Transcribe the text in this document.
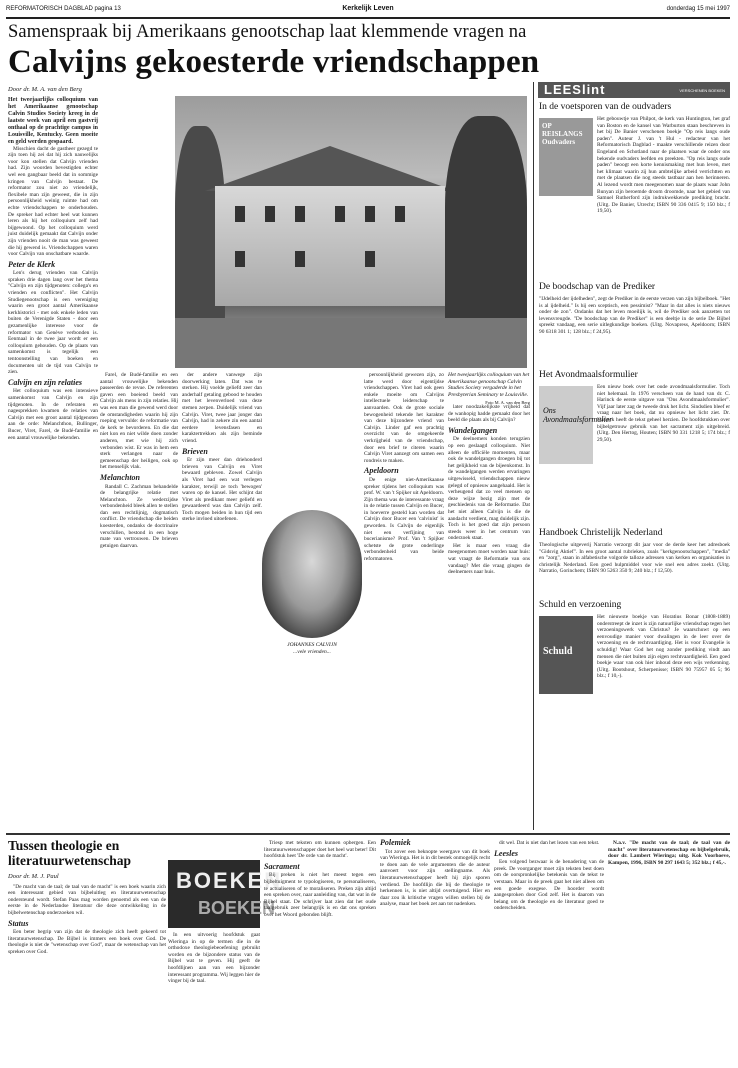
REFORMATORISCH DAGBLAD pagina 13	Kerkelijk Leven	donderdag 15 mei 1997
Samenspraak bij Amerikaans genootschap laat klemmende vragen na
Calvijns gekoesterde vriendschappen
Door dr. M. A. van den Berg
Het tweejaarlijks colloquium van het Amerikaanse genootschap Calvin Studies Society kreeg in de laatste week van april een gastvrij onthaal op de prachtige campus in Louisville, Kentucky. Geen moeite en geld werden gespaard.

Misschien dacht de gastheer gezegd te zijn toen hij zei dat hij zich nauwelijks voor kon stellen dat Calvijn vrienden had. Zijn woorden bevestigden echter wel een gangbaar beeld dat in sommige kringen van Calvijn bestaat. De reformator zou niet zo vriendelijk, flexibele man zijn geweest, die in zijn persoonlijkheid weinig ruimte had om echte vriendschappen te onderhouden. De spreker had echter heel wat kunnen leren als hij het colloquium zelf had bijgewoond. Op het colloquium werd juist duidelijk gemaakt dat Calvijn onder zijn vrienden nooit de man was geweest die hij gewend is. Vriendschappen waren voor Calvijn van onschatbare waarde.

Peter de Klerk

Len's derug vrienden van Calvijn spraken drie dagen lang over het thema "Calvijn en zijn tijdgenoten: collega's en vrienden en conflicten". Het Calvijn Studiegenootschap is een vereniging waarin een groot aantal Amerikaanse kerkhistorici - met ook enkele leden van buiten de Verenigde Staten - door een gezamenlijke interesse voor de reformator van Genève verbonden is. Eenmaal in de twee jaar wordt er een colloquium gehouden. Op de plaats van samenkomst is tegelijk een tentoonstelling van boeken en documenten uit de tijd van Calvijn te zien.

Calvijn en zijn relaties

Het colloquium was een intensieve samenkomst van Calvijn en zijn tijdgenoten. In de referaten en nagesprekken kwamen de relaties van Calvijn met een groot aantal tijdgenoten aan de orde: Melanchthon, Bullinger, Bucer, Viret, Farel, de Budé-familie en een aantal vrouwelijke bekenden.

Farel, de Budé-familie en een aantal vrouwelijke bekenden passeerden de revue. De referenten gaven een boeiend beeld van Calvijn als mens in zijn relaties. Hij was een man die gewend werd door de omstandigheden waarin hij zijn roeping vervulde: de reformatie van de kerk te bevorderen. En die dat niet kon en niet wilde doen zonder anderen, met wie hij zich verbonden wist. Er was in hem een sterk verlangen naar de gemeenschap der heiligen, ook op het menselijk vlak.

Melanchton

Randall C. Zachman behandelde de belangrijke relatie met Melanchton. Ze wederzijdse verbondenheid bleek allen te stellen dan een rechtlijnig, dogmatisch conflict. De vriendschap die beiden koesterden, ondanks de doctrinaire verschillen, bestond in een hoge mate van vertrouwen. De brieven getuigen daarvan.

der andere vanwege zijn doorwerking laten. Dat was te sterken. Hij voelde geliefd zeer dan anderhalf getaling gebood te houden met het levenverloed van deze stemen zerpen. Duidelijk vriend van Calvijn. Viret, twee jaar jonger dan Calvijn, had in zekere zin een aantal eerdere levensfasen en karaktertrekken als zijn beminde vriend.

Brieven

Er zijn meer dan driehonderd brieven van Calvijn en Viret bewaard gebleven. Zowel Calvijn als Viret had een wat verlegen karakter, terwijl ze toch 'bewogen' waren op de kansel. Het schijnt dat Viret als predikant meer geliefd en gewaardeerd was dan Calvijn zelf. Toch mogen beiden in hun tijd een sterke invloed uitoefenen.

JOHANNES CALVIJN
...vele vrienden...

persoonlijkheid gewezen zijn, zo latte werd door eigentijdse vriendschappen. Viret had ook geen enkele moeite om Calvijns intellectuele leiderschap te aanvaarden. Ook de grote sociale bewogenheid tekende het karakter van deze bijzondere vriend van Calvijn. Linder gaf een prachtig overzicht van de omgekeerde verkrijgheid van de vriendschap, door een brief te citeren waarin Calvijn Viret aanzegt om samen een rondreis te maken.

Apeldoorn

De enige niet-Amerikaanse spreker tijdens het colloquium was prof. W. van 't Spijker uit Apeldoorn. Zijn thema was de interessante vraag in de relatie tussen Calvijn en Bucer, in hoeverre gesteld kan worden dat Calvijn door Bucer een 'calvinist' is geworden. Is Calvijn de eigenlijk niet een verfijning van bucerianisme? Prof. Van 't Spijker schetste de grote onderlinge verbondenheid van beide reformatoren.

Het tweejaarlijks colloquium van het Amerikaanse genootschap Calvin Studies Society vergaderde in het Presbyterian Seminary te Louisville.
Foto M. A. van den Berg

later noodzakelijkste vrijheid dat de wanhopig hadde gemaakt door het beeld die plaats als bij Calvijn?

Wandelgangen

De deelnemers konden terugzien op een geslaagd colloquium. Niet alleen de officiële momenten, maar ook de wandelgangen droegen bij tot het gelijkheid van de bijeenkomst. In de wandelgangen werden ervaringen uitgewisseld, vriendschappen nieuw gelegd of opnieuw aangehaald. Het is verheugend dat zo veel mensen op deze wijze bezig zijn met de geschiedenis van de Reformatie. Dat het niet alleen Calvijn is die de aandacht verdient, mag duidelijk zijn. Toch is het goed dat zijn persoon steeds weer in het centrum van onderzoek staat.

Het is maar een vraag die meegenomen moet worden naar huis: wat vraagt de Reformatie van ons vandaag? Met die vraag gingen de deelnemers naar huis.

LEESlint	VERSCHENEN BOEKEN
In de voetsporen van de oudvaders
OP REISLANGS Oudvaders
Het gebouwtje van Philpot, de kerk van Huntington, het graf van Boston en de kansel van Warburton staan beschreven in het bij De Banier verschenen boekje "Op reis langs oude paden". Auteur J. van 't Hul - redacteur van het Reformatorisch Dagblad - maakte verschillende reizen door Engeland en Schotland naar de plaatsen waar de onder ons bekende oudvaders leefden en preekten. "Op reis langs oude paden" beoogt een korte kennismaking met hun leven, met het klimaat waarin zij hun ambtelijke arbeid verrichtten en met de plaatsen die nog steeds tastbaar aan hen herinneren. Al lezend wordt men meegenomen naar de plaats waar John Bunyan zijn beroemde droom droomde, naar het gebied van Samuel Rutherford zijn indrukwekkende prediking bracht. (Uitg. De Banier, Utrecht; ISBN 90 336 0415 9; 150 blz.; f 19,50).
De boodschap van de Prediker
"IJdelheid der ijdelheden", zegt de Prediker in de eerste verzen van zijn bijbelboek. "Het is al ijdelheid." Is hij een sceptisch, een pessimist? "Maar in dat alles is niets nieuws onder de zon". Ondanks dat het leven moeilijk is, wil de Prediker ook aanzetten tot levensvreugde. "De boodschap van de Prediker" is een deeltje in de serie De Bijbel spreekt vandaag, een serie uitlegkundige boeken. (Uitg. Novapress, Apeldoorn; ISBN 90 6318 301 1; 128 blz.; f 24,95).
Het Avondmaalsformulier
Ons Avondmaalsformulier
Een nieuw boek over het oude avondmaalsformulier. Toch niet helemaal. In 1976 verscheen van de hand van dr. C. Harinck de eerste uitgave van "Ons Avondmaalsformulier". Vijf jaar later zag de tweede druk het licht. Sindsdien bleef er vraag naar het boek, dat nu opnieuw het licht ziet. Dr. Harinck heeft de tekst geheel herzien. De hoofdstukken over bijbelgetrouw gebruik van het sacrament zijn uitgebreid. (Uitg. Den Hertog, Houten; ISBN 90 331 1218 5; 174 blz.; f 29,50).
Handboek Christelijk Nederland
Theologische uitgeverij Narratio verzorgt dit jaar voor de derde keer het adresboek "Gidsvig Aktief". In een groot aantal rubrieken, zoals "kerkgenootschappen", "media" en "zorg", staan in alfabetische volgorde talloze adressen van kerken en organisaties in christelijk Nederland. Een goed hulpmiddel voor wie snel een adres zoekt. (Uitg. Narratio, Gorinchem; ISBN 90 5263 350 9; 240 blz.; f 12,50).
Schuld en verzoening
Schuld
Het nieuwste boekje van Horatius Bonar (1808-1889) onderstreept de inzet is zijn natuurlijke vriendschap tegen het verzoeningswerk van Christus? Je waarschuwt op een eenvoudige manier voor dwalingen in de leer over de verzoening en de rechtvaardiging. Het is voor Evangelie is schuldig! Waar God het nog zonder prediking vindt aan mensen die niet buiten zijn eigen rechtvaardigheid. Een goed boekje waar van ook hier inhoud deze een wijs verkenning. (Uitg. Bootshout, Scherpenisse; ISBN 90 75957 05 5; 96 blz.; f 10,-).
Tussen theologie en literatuurwetenschap
Door dr. M. J. Paul

"De macht van de taal; de taal van de macht" is een boek waarin zich een interessant gebied van bijbeluitleg en literatuurwetenschap ondersteund wordt. Stefan Paas mag worden genoemd als een van de eerste in de Nederlandse literatuur die deze ontwikkeling in de bijbelwetenschap onderzoeken wil.

Status

Een beter begrip van zijn dat de theologie zich heeft gekeerd tot literatuurwetenschap. De Bijbel is immers een boek over God. De theologie is niet de "wetenschap over God", maar de wetenschap van het spreken over God.

BOEKEN
BOEKEN

In een uitvoerig hoofdstuk gaat Wieringa in op de termen die in de orthodoxe theologiebeoefening gebruikt worden en de bijzondere status van de Bijbel wat te geven. Hij geeft de hoofdlijnen aan van een bijzonder interessant programma. Wij leggen hier de vinger bij de taal.

Triesp met teksten om kunnen opbergen. Een literatuurwetenschapper doet het heel wat beter! Dit hoofdstuk heet 'De orde van de macht'.

Sacrament

Bij preken is niet het meest tegen een bijbeltuigment te typologiseren, te personaliseren, te actualiseren of te moraliseren. Preken zijn altijd een spreken over, naar aanleiding van, dat wat in de Bijbel staat. De schrijver laat zien dat het oude taalgebruik zeer belangrijk is en dat ons spreken over het Woord gebonden blijft.

Polemiek

Tot zover een beknopte weergave van dit boek van Wieringa. Het is in dit bestek onmogelijk recht te doen aan de vele argumenten die de auteur aanvoert voor zijn stellingname. Als literatuurwetenschapper heeft hij zijn sporen verdiend. De hoofdlijn die bij de theologie te herkennen is, is niet altijd overtuigend. Hier en daar zou ik kritische vragen willen stellen bij de analyse, maar het boek zet aan tot nadenken.

dit wel. Dat is niet dan het lezen van een tekst.

Leesles

Een volgend bezwaar is de benadering van de preek. De voorganger moet zijn teksten best doen om de oorspronkelijke betekenis van de tekst te verstaan. Maar in de preek gaat het niet alleen om een goede exegese. De hoorder wordt aangesproken door God zelf. Het is daarom van belang om de theologie en de literatuur goed te onderscheiden.

N.a.v. "De macht van de taal; de taal van de macht" over literatuurwetenschap en bijbelgebruik, door dr. Lambert Wieringa; uitg. Kok Voorhoeve, Kampen, 1996, ISBN 90 297 1643 5; 352 blz.; f 45,-.
